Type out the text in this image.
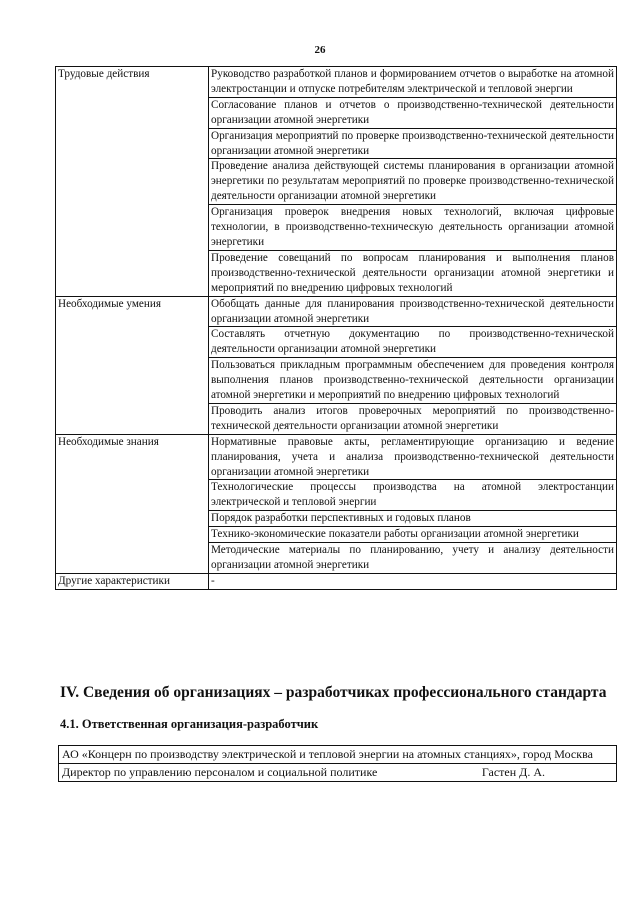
26
Трудовые действия	Руководство разработкой планов и формированием отчетов о выработке на атомной электростанции и отпуске потребителям электрической и тепловой энергии
	Согласование планов и отчетов о производственно-технической деятельности организации атомной энергетики
	Организация мероприятий по проверке производственно-технической деятельности организации атомной энергетики
	Проведение анализа действующей системы планирования в организации атомной энергетики по результатам мероприятий по проверке производственно-технической деятельности организации атомной энергетики
	Организация проверок внедрения новых технологий, включая цифровые технологии, в производственно-техническую деятельность организации атомной энергетики
	Проведение совещаний по вопросам планирования и выполнения планов производственно-технической деятельности организации атомной энергетики и мероприятий по внедрению цифровых технологий
Необходимые умения	Обобщать данные для планирования производственно-технической деятельности организации атомной энергетики
	Составлять отчетную документацию по производственно-технической деятельности организации атомной энергетики
	Пользоваться прикладным программным обеспечением для проведения контроля выполнения планов производственно-технической деятельности организации атомной энергетики и мероприятий по внедрению цифровых технологий
	Проводить анализ итогов проверочных мероприятий по производственно-технической деятельности организации атомной энергетики
Необходимые знания	Нормативные правовые акты, регламентирующие организацию и ведение планирования, учета и анализа производственно-технической деятельности организации атомной энергетики
	Технологические процессы производства на атомной электростанции электрической и тепловой энергии
	Порядок разработки перспективных и годовых планов
	Технико-экономические показатели работы организации атомной энергетики
	Методические материалы по планированию, учету и анализу деятельности организации атомной энергетики
Другие характеристики	-
IV. Сведения об организациях – разработчиках профессионального стандарта
4.1. Ответственная организация-разработчик
АО «Концерн по производству электрической и тепловой энергии на атомных станциях», город Москва

Директор по управлению персоналом и социальной политике	Гастен Д. А.
